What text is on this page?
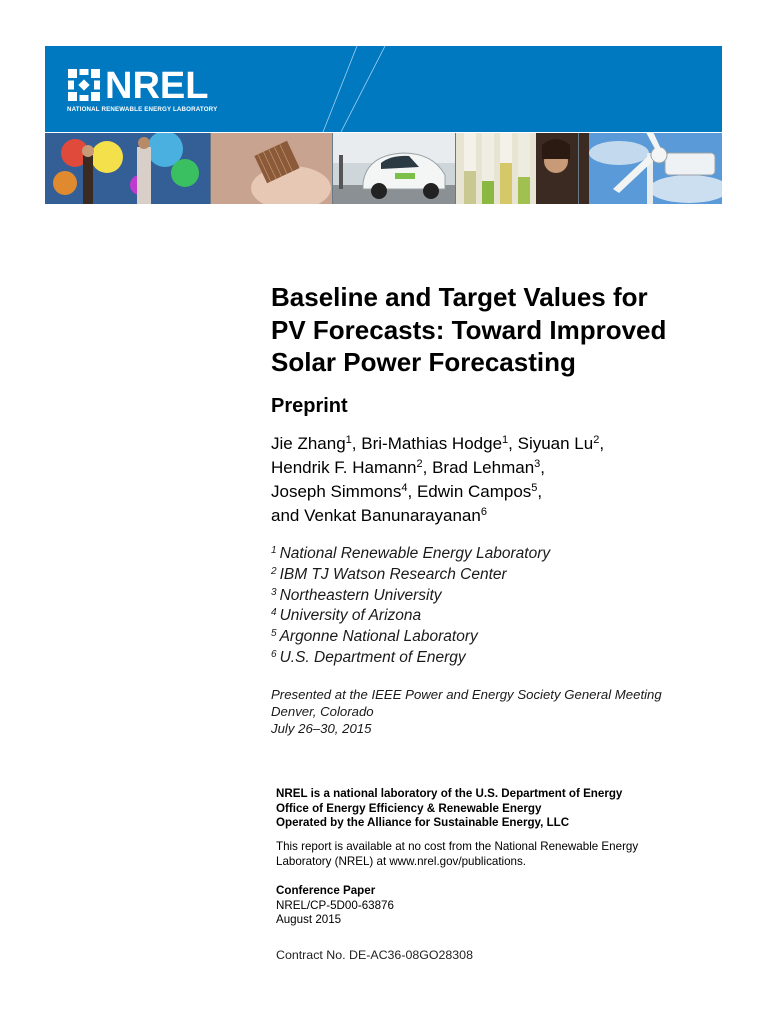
NREL
NATIONAL RENEWABLE ENERGY LABORATORY
Baseline and Target Values for
PV Forecasts: Toward Improved
Solar Power Forecasting
Preprint
Jie Zhang$^1$, Bri-Mathias Hodge$^1$, Siyuan Lu$^2$,
Hendrik F. Hamann$^2$, Brad Lehman$^3$,
Joseph Simmons$^4$, Edwin Campos$^5$,
and Venkat Banunarayanan$^6$
$^1$ National Renewable Energy Laboratory
$^2$ IBM TJ Watson Research Center
$^3$ Northeastern University
$^4$ University of Arizona
$^5$ Argonne National Laboratory
$^6$ U.S. Department of Energy
Presented at the IEEE Power and Energy Society General Meeting
Denver, Colorado
July 26–30, 2015
NREL is a national laboratory of the U.S. Department of Energy
Office of Energy Efficiency & Renewable Energy
Operated by the Alliance for Sustainable Energy, LLC
This report is available at no cost from the National Renewable Energy
Laboratory (NREL) at www.nrel.gov/publications.
Conference Paper
NREL/CP-5D00-63876
August 2015
Contract No. DE-AC36-08GO28308
